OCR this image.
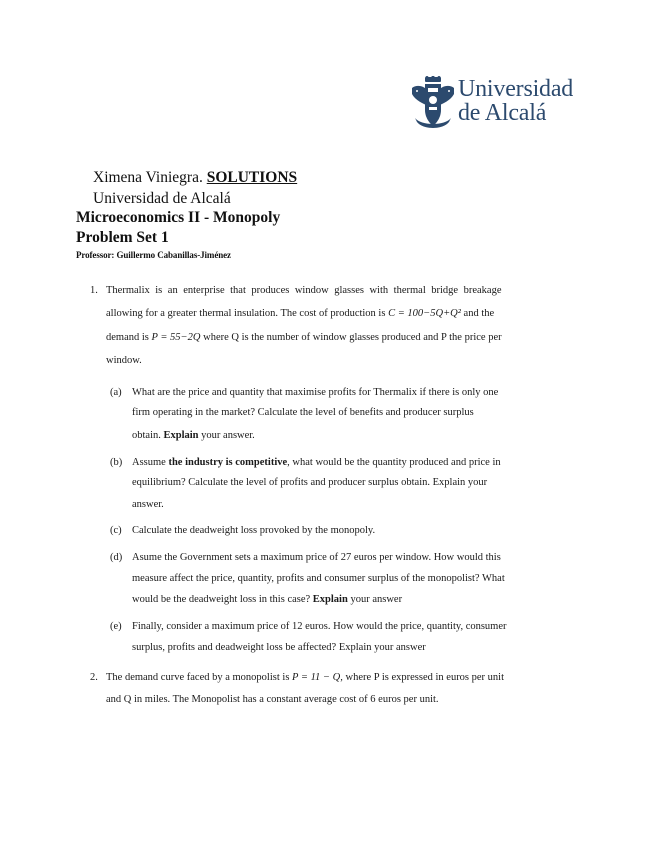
Universidad
de Alcalá
Ximena Viniegra. SOLUTIONS
Universidad de Alcalá
Microeconomics II - Monopoly
Problem Set 1
Professor: Guillermo Cabanillas-Jiménez
1. Thermalix is an enterprise that produces window glasses with thermal bridge breakage
allowing for a greater thermal insulation. The cost of production is C = 100−5Q+Q² and the
demand is P = 55−2Q where Q is the number of window glasses produced and P the price per
window.
(a) What are the price and quantity that maximise profits for Thermalix if there is only one
firm operating in the market? Calculate the level of benefits and producer surplus
obtain. Explain your answer.
(b) Assume the industry is competitive, what would be the quantity produced and price in
equilibrium? Calculate the level of profits and producer surplus obtain. Explain your
answer.
(c) Calculate the deadweight loss provoked by the monopoly.
(d) Asume the Government sets a maximum price of 27 euros per window. How would this
measure affect the price, quantity, profits and consumer surplus of the monopolist? What
would be the deadweight loss in this case? Explain your answer
(e) Finally, consider a maximum price of 12 euros. How would the price, quantity, consumer
surplus, profits and deadweight loss be affected? Explain your answer
2. The demand curve faced by a monopolist is P = 11 − Q, where P is expressed in euros per unit
and Q in miles. The Monopolist has a constant average cost of 6 euros per unit.
